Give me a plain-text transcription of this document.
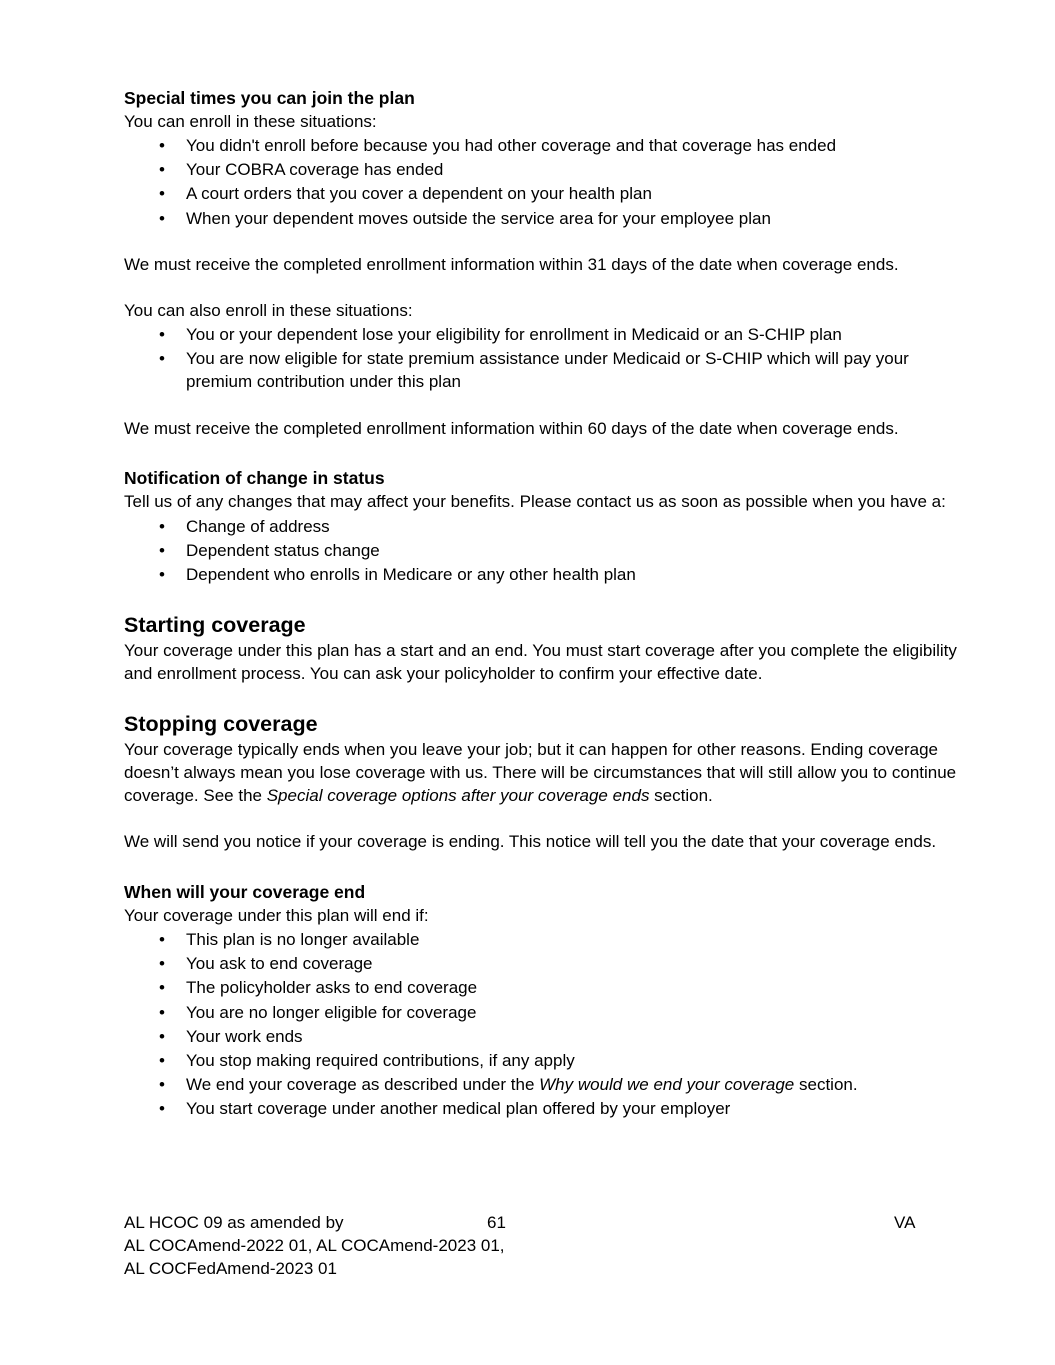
Special times you can join the plan
You can enroll in these situations:
• You didn't enroll before because you had other coverage and that coverage has ended
• Your COBRA coverage has ended
• A court orders that you cover a dependent on your health plan
• When your dependent moves outside the service area for your employee plan
We must receive the completed enrollment information within 31 days of the date when coverage ends.
You can also enroll in these situations:
• You or your dependent lose your eligibility for enrollment in Medicaid or an S-CHIP plan
• You are now eligible for state premium assistance under Medicaid or S-CHIP which will pay your premium contribution under this plan
We must receive the completed enrollment information within 60 days of the date when coverage ends.
Notification of change in status
Tell us of any changes that may affect your benefits. Please contact us as soon as possible when you have a:
• Change of address
• Dependent status change
• Dependent who enrolls in Medicare or any other health plan
Starting coverage
Your coverage under this plan has a start and an end. You must start coverage after you complete the eligibility
and enrollment process. You can ask your policyholder to confirm your effective date.
Stopping coverage
Your coverage typically ends when you leave your job; but it can happen for other reasons. Ending coverage
doesn’t always mean you lose coverage with us. There will be circumstances that will still allow you to continue
coverage. See the Special coverage options after your coverage ends section.
We will send you notice if your coverage is ending. This notice will tell you the date that your coverage ends.
When will your coverage end
Your coverage under this plan will end if:
• This plan is no longer available
• You ask to end coverage
• The policyholder asks to end coverage
• You are no longer eligible for coverage
• Your work ends
• You stop making required contributions, if any apply
• We end your coverage as described under the Why would we end your coverage section.
• You start coverage under another medical plan offered by your employer
AL HCOC 09 as amended by
AL COCAmend-2022 01, AL COCAmend-2023 01,
AL COCFedAmend-2023 01
61	VA
